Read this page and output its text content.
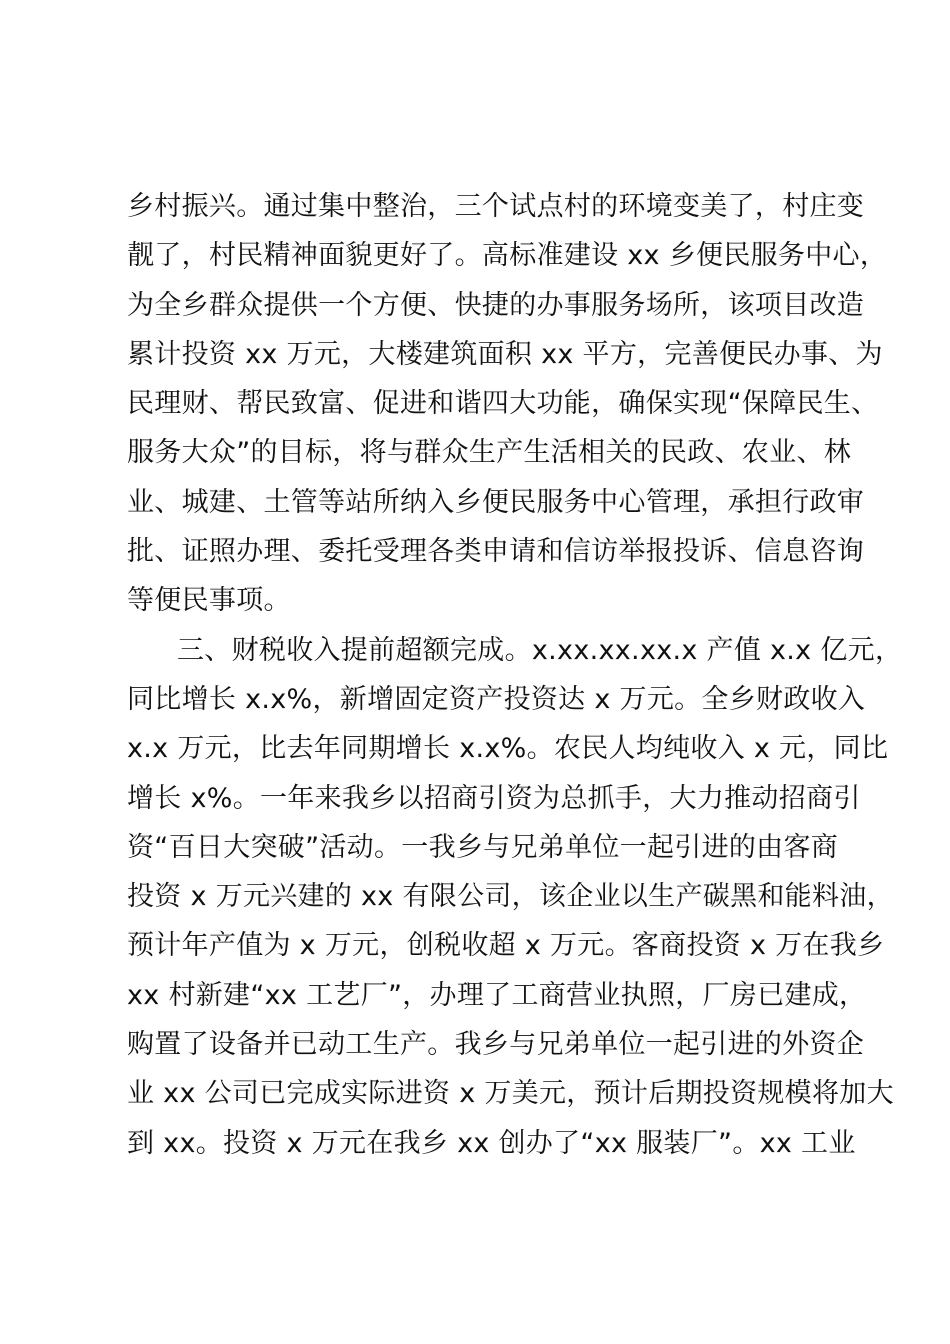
乡村振兴。通过集中整治，三个试点村的环境变美了，村庄变
靓了，村民精神面貌更好了。高标准建设 xx 乡便民服务中心，
为全乡群众提供一个方便、快捷的办事服务场所，该项目改造
累计投资 xx 万元，大楼建筑面积 xx 平方，完善便民办事、为
民理财、帮民致富、促进和谐四大功能，确保实现“保障民生、
服务大众”的目标，将与群众生产生活相关的民政、农业、林
业、城建、土管等站所纳入乡便民服务中心管理，承担行政审
批、证照办理、委托受理各类申请和信访举报投诉、信息咨询
等便民事项。
三、财税收入提前超额完成。x.xx.xx.xx.x 产值 x.x 亿元，
同比增长 x.x%，新增固定资产投资达 x 万元。全乡财政收入
x.x 万元，比去年同期增长 x.x%。农民人均纯收入 x 元，同比
增长 x%。一年来我乡以招商引资为总抓手，大力推动招商引
资“百日大突破”活动。一我乡与兄弟单位一起引进的由客商
投资 x 万元兴建的 xx 有限公司，该企业以生产碳黑和能料油，
预计年产值为 x 万元，创税收超 x 万元。客商投资 x 万在我乡
xx 村新建“xx 工艺厂”，办理了工商营业执照，厂房已建成，
购置了设备并已动工生产。我乡与兄弟单位一起引进的外资企
业 xx 公司已完成实际进资 x 万美元，预计后期投资规模将加大
到 xx。投资 x 万元在我乡 xx 创办了“xx 服装厂”。xx 工业
